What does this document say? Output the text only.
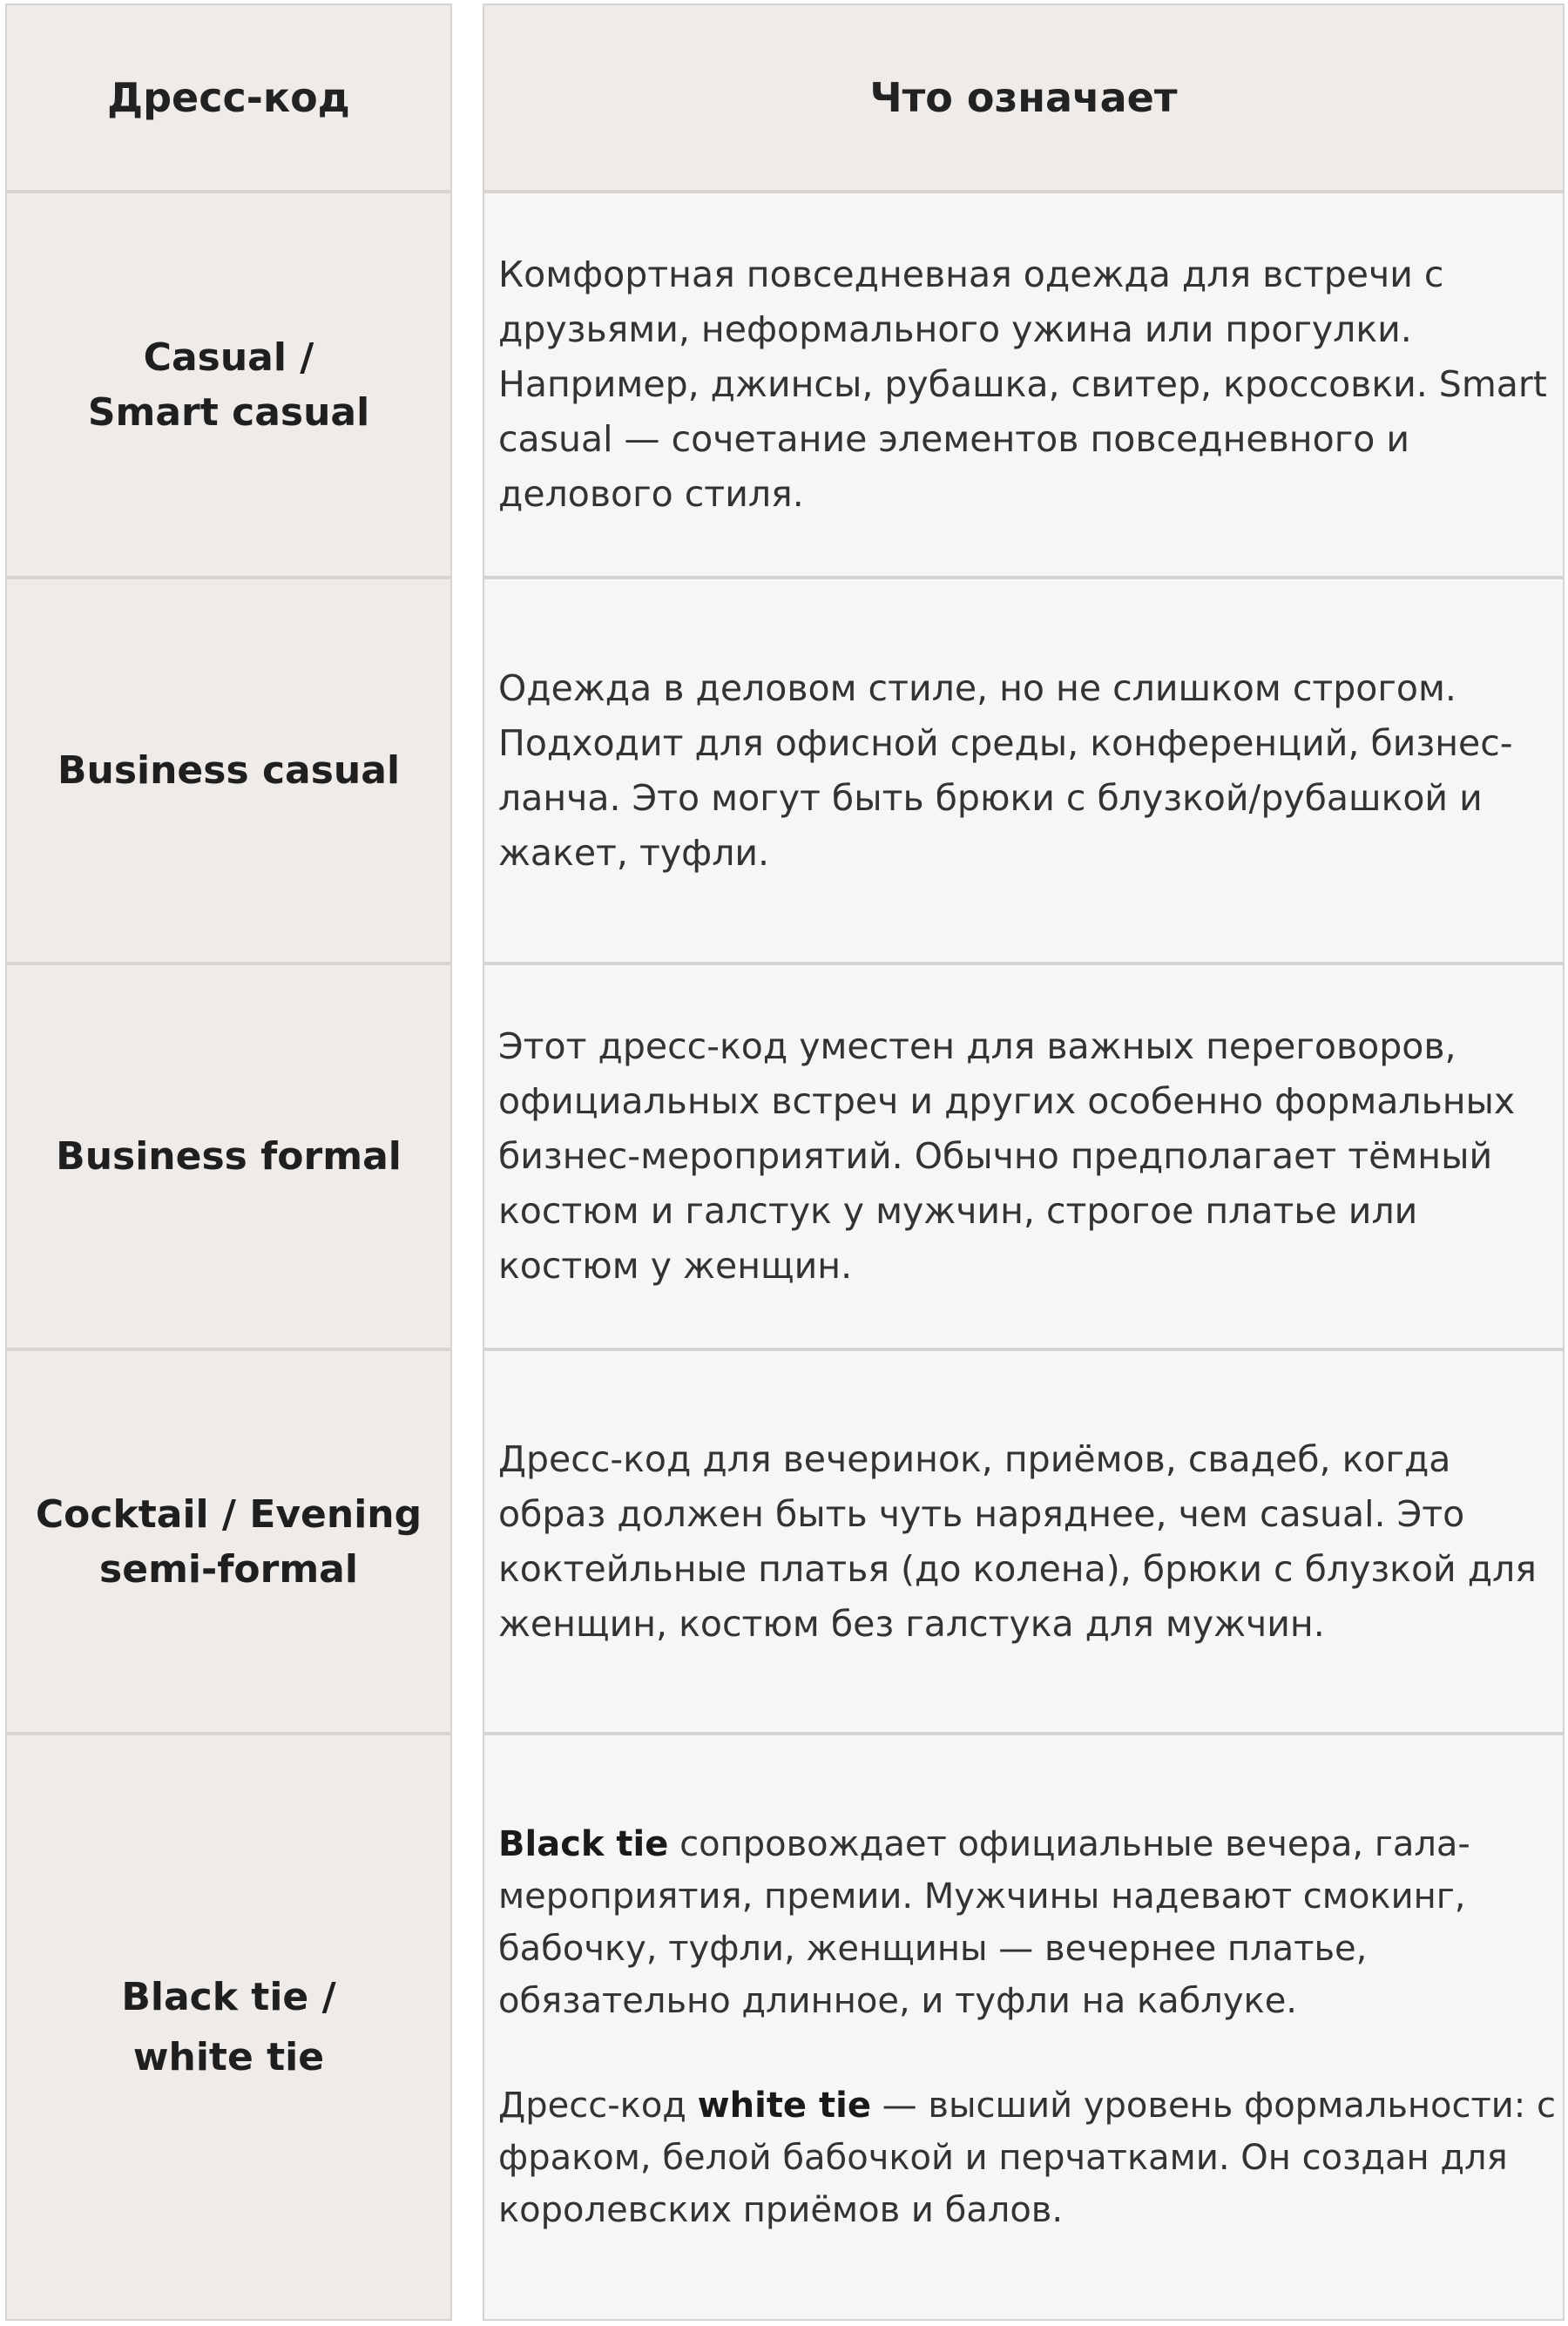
Дресс-код	Что означает
Casual /
Smart casual
Комфортная повседневная одежда для встречи с
друзьями, неформального ужина или прогулки.
Например, джинсы, рубашка, свитер, кроссовки. Smart
casual — сочетание элементов повседневного и
делового стиля.
Business casual
Одежда в деловом стиле, но не слишком строгом.
Подходит для офисной среды, конференций, бизнес-
ланча. Это могут быть брюки с блузкой/рубашкой и
жакет, туфли.
Business formal
Этот дресс-код уместен для важных переговоров,
официальных встреч и других особенно формальных
бизнес-мероприятий. Обычно предполагает тёмный
костюм и галстук у мужчин, строгое платье или
костюм у женщин.
Cocktail / Evening
semi-formal
Дресс-код для вечеринок, приёмов, свадеб, когда
образ должен быть чуть наряднее, чем casual. Это
коктейльные платья (до колена), брюки с блузкой для
женщин, костюм без галстука для мужчин.
Black tie /
white tie

Black tie сопровождает официальные вечера, гала-
мероприятия, премии. Мужчины надевают смокинг,
бабочку, туфли, женщины — вечернее платье,
обязательно длинное, и туфли на каблуке.

Дресс-код white tie — высший уровень формальности: с
фраком, белой бабочкой и перчатками. Он создан для
королевских приёмов и балов.
